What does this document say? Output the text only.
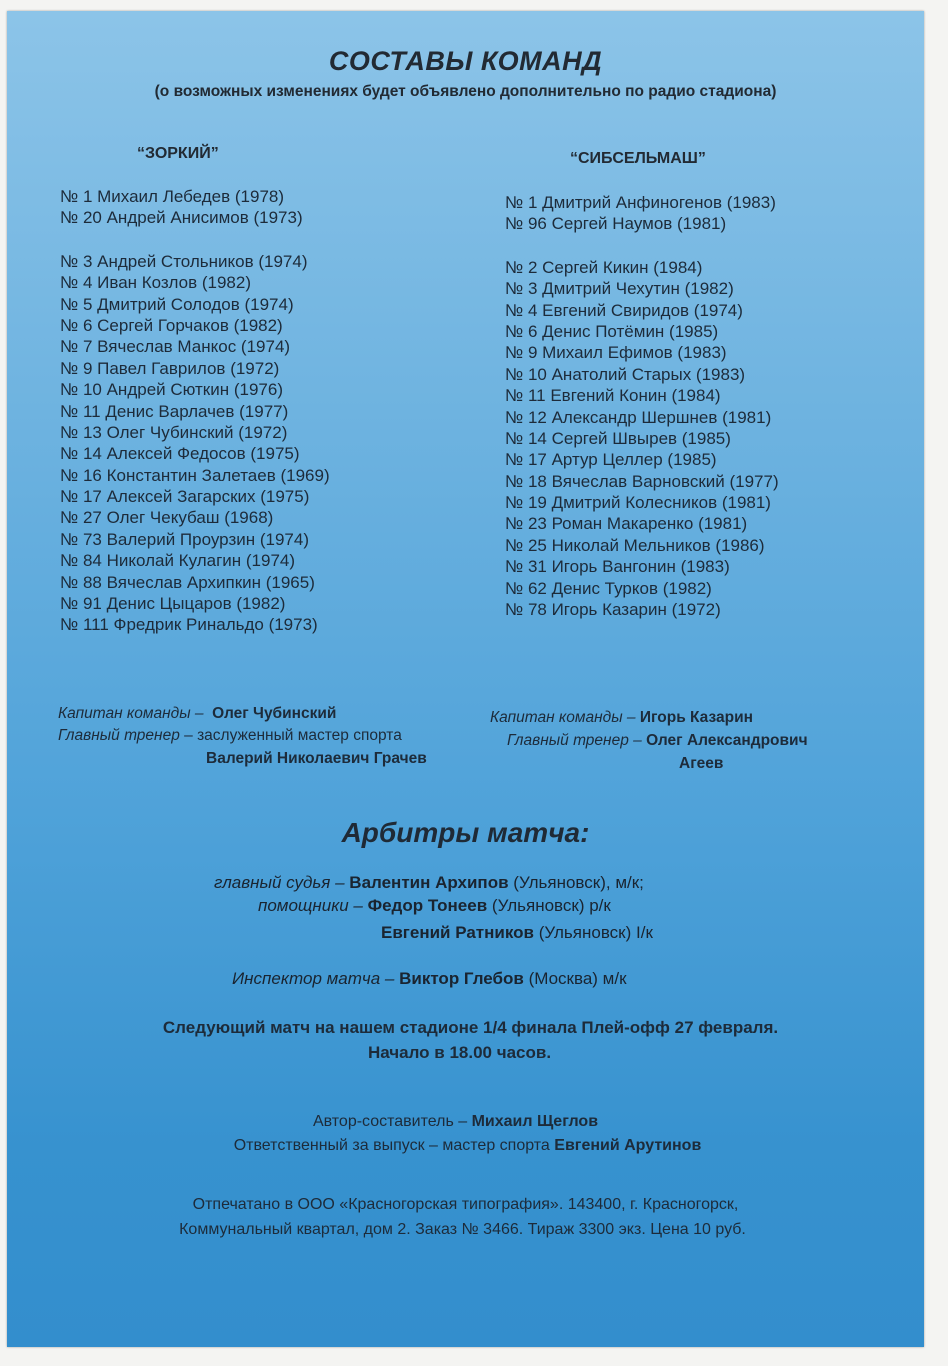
СОСТАВЫ КОМАНД
(о возможных изменениях будет объявлено дополнительно по радио стадиона)
“ЗОРКИЙ”
№ 1 Михаил Лебедев (1978)
№ 20 Андрей Анисимов (1973)
№ 3 Андрей Стольников (1974)
№ 4 Иван Козлов (1982)
№ 5 Дмитрий Солодов (1974)
№ 6 Сергей Горчаков (1982)
№ 7 Вячеслав Манкос (1974)
№ 9 Павел Гаврилов (1972)
№ 10 Андрей Сюткин (1976)
№ 11 Денис Варлачев (1977)
№ 13 Олег Чубинский (1972)
№ 14 Алексей Федосов (1975)
№ 16 Константин Залетаев (1969)
№ 17 Алексей Загарских (1975)
№ 27 Олег Чекубаш (1968)
№ 73 Валерий Проурзин (1974)
№ 84 Николай Кулагин (1974)
№ 88 Вячеслав Архипкин (1965)
№ 91 Денис Цыцаров (1982)
№ 111 Фредрик Ринальдо (1973)
“СИБСЕЛЬМАШ”
№ 1 Дмитрий Анфиногенов (1983)
№ 96 Сергей Наумов (1981)
№ 2 Сергей Кикин (1984)
№ 3 Дмитрий Чехутин (1982)
№ 4 Евгений Свиридов (1974)
№ 6 Денис Потёмин (1985)
№ 9 Михаил Ефимов (1983)
№ 10 Анатолий Старых (1983)
№ 11 Евгений Конин (1984)
№ 12 Александр Шершнев (1981)
№ 14 Сергей Швырев (1985)
№ 17 Артур Целлер (1985)
№ 18 Вячеслав Варновский (1977)
№ 19 Дмитрий Колесников (1981)
№ 23 Роман Макаренко (1981)
№ 25 Николай Мельников (1986)
№ 31 Игорь Вангонин (1983)
№ 62 Денис Турков (1982)
№ 78 Игорь Казарин (1972)
Капитан команды – Олег Чубинский
Главный тренер – заслуженный мастер спорта
Валерий Николаевич Грачев
Капитан команды – Игорь Казарин
Главный тренер – Олег Александрович
Агеев
Арбитры матча:
главный судья – Валентин Архипов (Ульяновск), м/к;
помощники – Федор Тонеев (Ульяновск) р/к
Евгений Ратников (Ульяновск) I/к
Инспектор матча – Виктор Глебов (Москва) м/к
Следующий матч на нашем стадионе 1/4 финала Плей-офф 27 февраля.
Начало в 18.00 часов.
Автор-составитель – Михаил Щеглов
Ответственный за выпуск – мастер спорта Евгений Арутинов
Отпечатано в ООО «Красногорская типография». 143400, г. Красногорск,
Коммунальный квартал, дом 2. Заказ № 3466. Тираж 3300 экз. Цена 10 руб.
